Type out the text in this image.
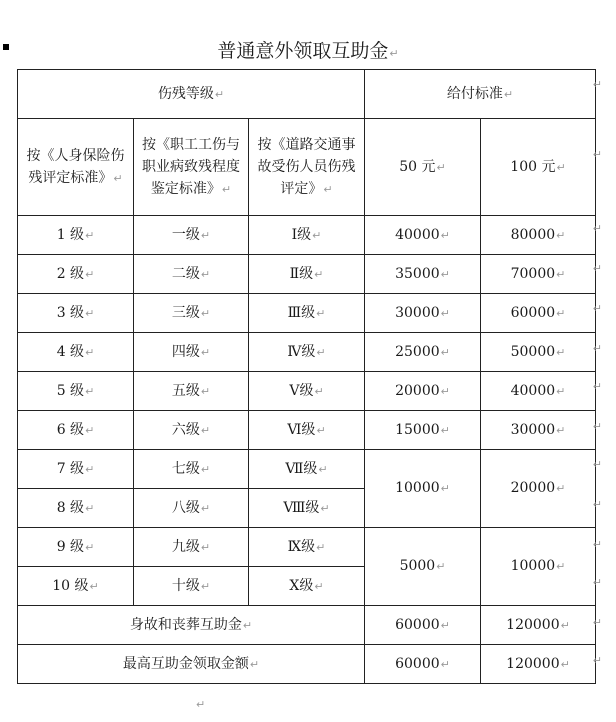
普通意外领取互助金↵
伤残等级↵			给付标准↵	
按《人身保险伤残评定标准》↵	按《职工工伤与职业病致残程度鉴定标准》↵	按《道路交通事故受伤人员伤残评定》↵	50 元↵	100 元↵
1 级↵	一级↵	Ⅰ级↵	40000↵	80000↵
2 级↵	二级↵	Ⅱ级↵	35000↵	70000↵
3 级↵	三级↵	Ⅲ级↵	30000↵	60000↵
4 级↵	四级↵	Ⅳ级↵	25000↵	50000↵
5 级↵	五级↵	Ⅴ级↵	20000↵	40000↵
6 级↵	六级↵	Ⅵ级↵	15000↵	30000↵
7 级↵	七级↵	Ⅶ级↵	10000↵	20000↵
8 级↵	八级↵	Ⅷ级↵		
9 级↵	九级↵	Ⅸ级↵	5000↵	10000↵
10 级↵	十级↵	Ⅹ级↵		
身故和丧葬互助金↵			60000↵	120000↵
最高互助金领取金额↵			60000↵	120000↵
↵
↵
↵
↵
↵
↵
↵
↵
↵
↵
↵
↵
↵
↵
↵
